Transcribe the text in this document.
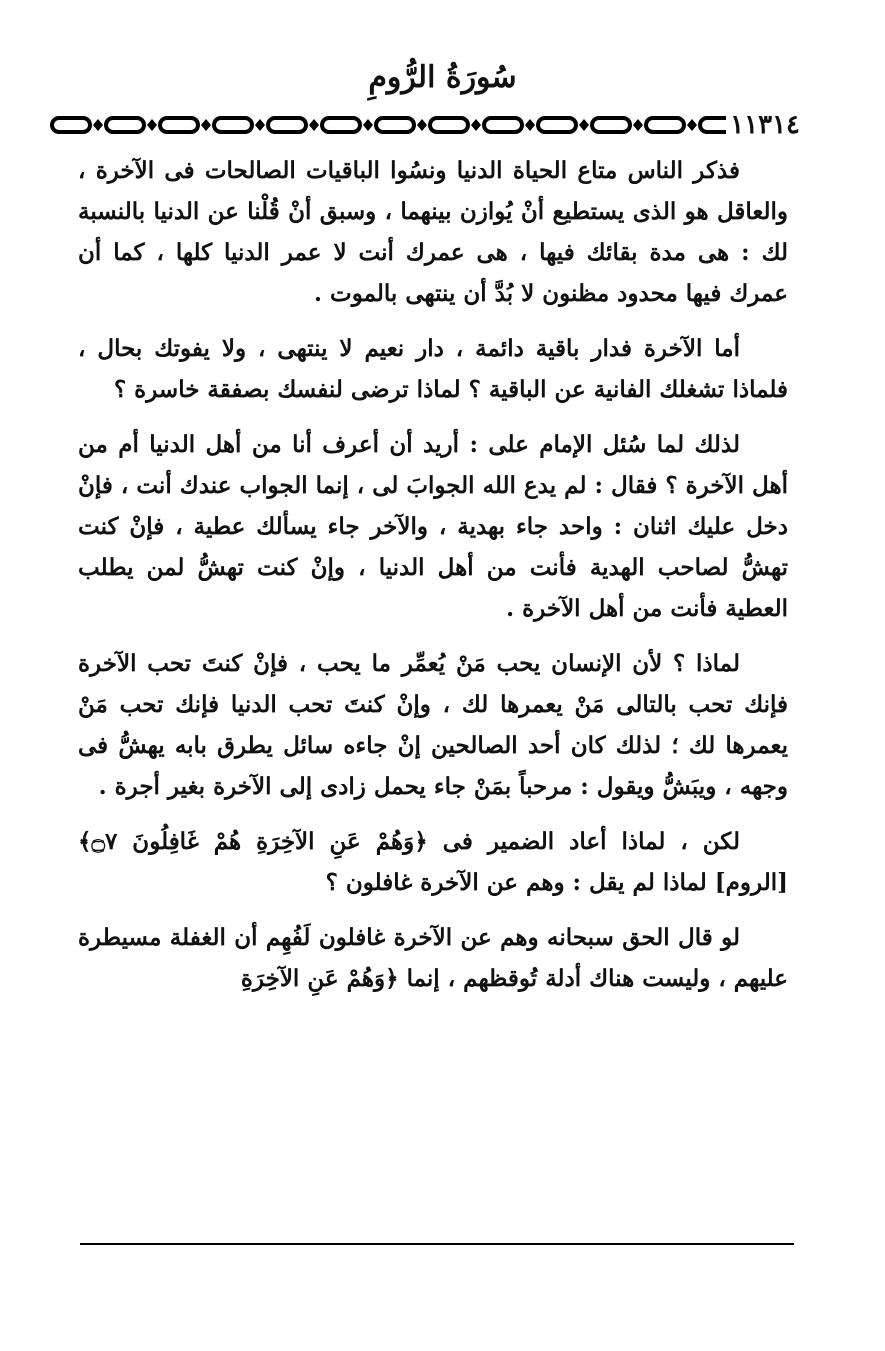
سُورَةُ الرُّومِ
١١٣١٤

فذكر الناس متاع الحياة الدنيا ونسُوا الباقيات الصالحات فى الآخرة ، والعاقل هو الذى يستطيع أنْ يُوازن بينهما ، وسبق أنْ قُلْنا عن الدنيا بالنسبة لك : هى مدة بقائك فيها ، هى عمرك أنت لا عمر الدنيا كلها ، كما أن عمرك فيها محدود مظنون لا بُدَّ أن ينتهى بالموت .

أما الآخرة فدار باقية دائمة ، دار نعيم لا ينتهى ، ولا يفوتك بحال ، فلماذا تشغلك الفانية عن الباقية ؟ لماذا ترضى لنفسك بصفقة خاسرة ؟

لذلك لما سُئل الإمام على : أريد أن أعرف أنا من أهل الدنيا أم من أهل الآخرة ؟ فقال : لم يدع الله الجوابَ لى ، إنما الجواب عندك أنت ، فإنْ دخل عليك اثنان : واحد جاء بهدية ، والآخر جاء يسألك عطية ، فإنْ كنت تهشُّ لصاحب الهدية فأنت من أهل الدنيا ، وإنْ كنت تهشُّ لمن يطلب العطية فأنت من أهل الآخرة .

لماذا ؟ لأن الإنسان يحب مَنْ يُعمِّر ما يحب ، فإنْ كنتَ تحب الآخرة فإنك تحب بالتالى مَنْ يعمرها لك ، وإنْ كنتَ تحب الدنيا فإنك تحب مَنْ يعمرها لك ؛ لذلك كان أحد الصالحين إنْ جاءه سائل يطرق بابه يهشُّ فى وجهه ، ويبَشُّ ويقول : مرحباً بمَنْ جاء يحمل زادى إلى الآخرة بغير أجرة .

لكن ، لماذا أعاد الضمير فى ﴿وَهُمْ عَنِ الآخِرَةِ هُمْ غَافِلُونَ ۝٧﴾ [الروم] لماذا لم يقل : وهم عن الآخرة غافلون ؟

لو قال الحق سبحانه وهم عن الآخرة غافلون لَفُهِم أن الغفلة مسيطرة عليهم ، وليست هناك أدلة تُوقظهم ، إنما ﴿وَهُمْ عَنِ الآخِرَةِ
